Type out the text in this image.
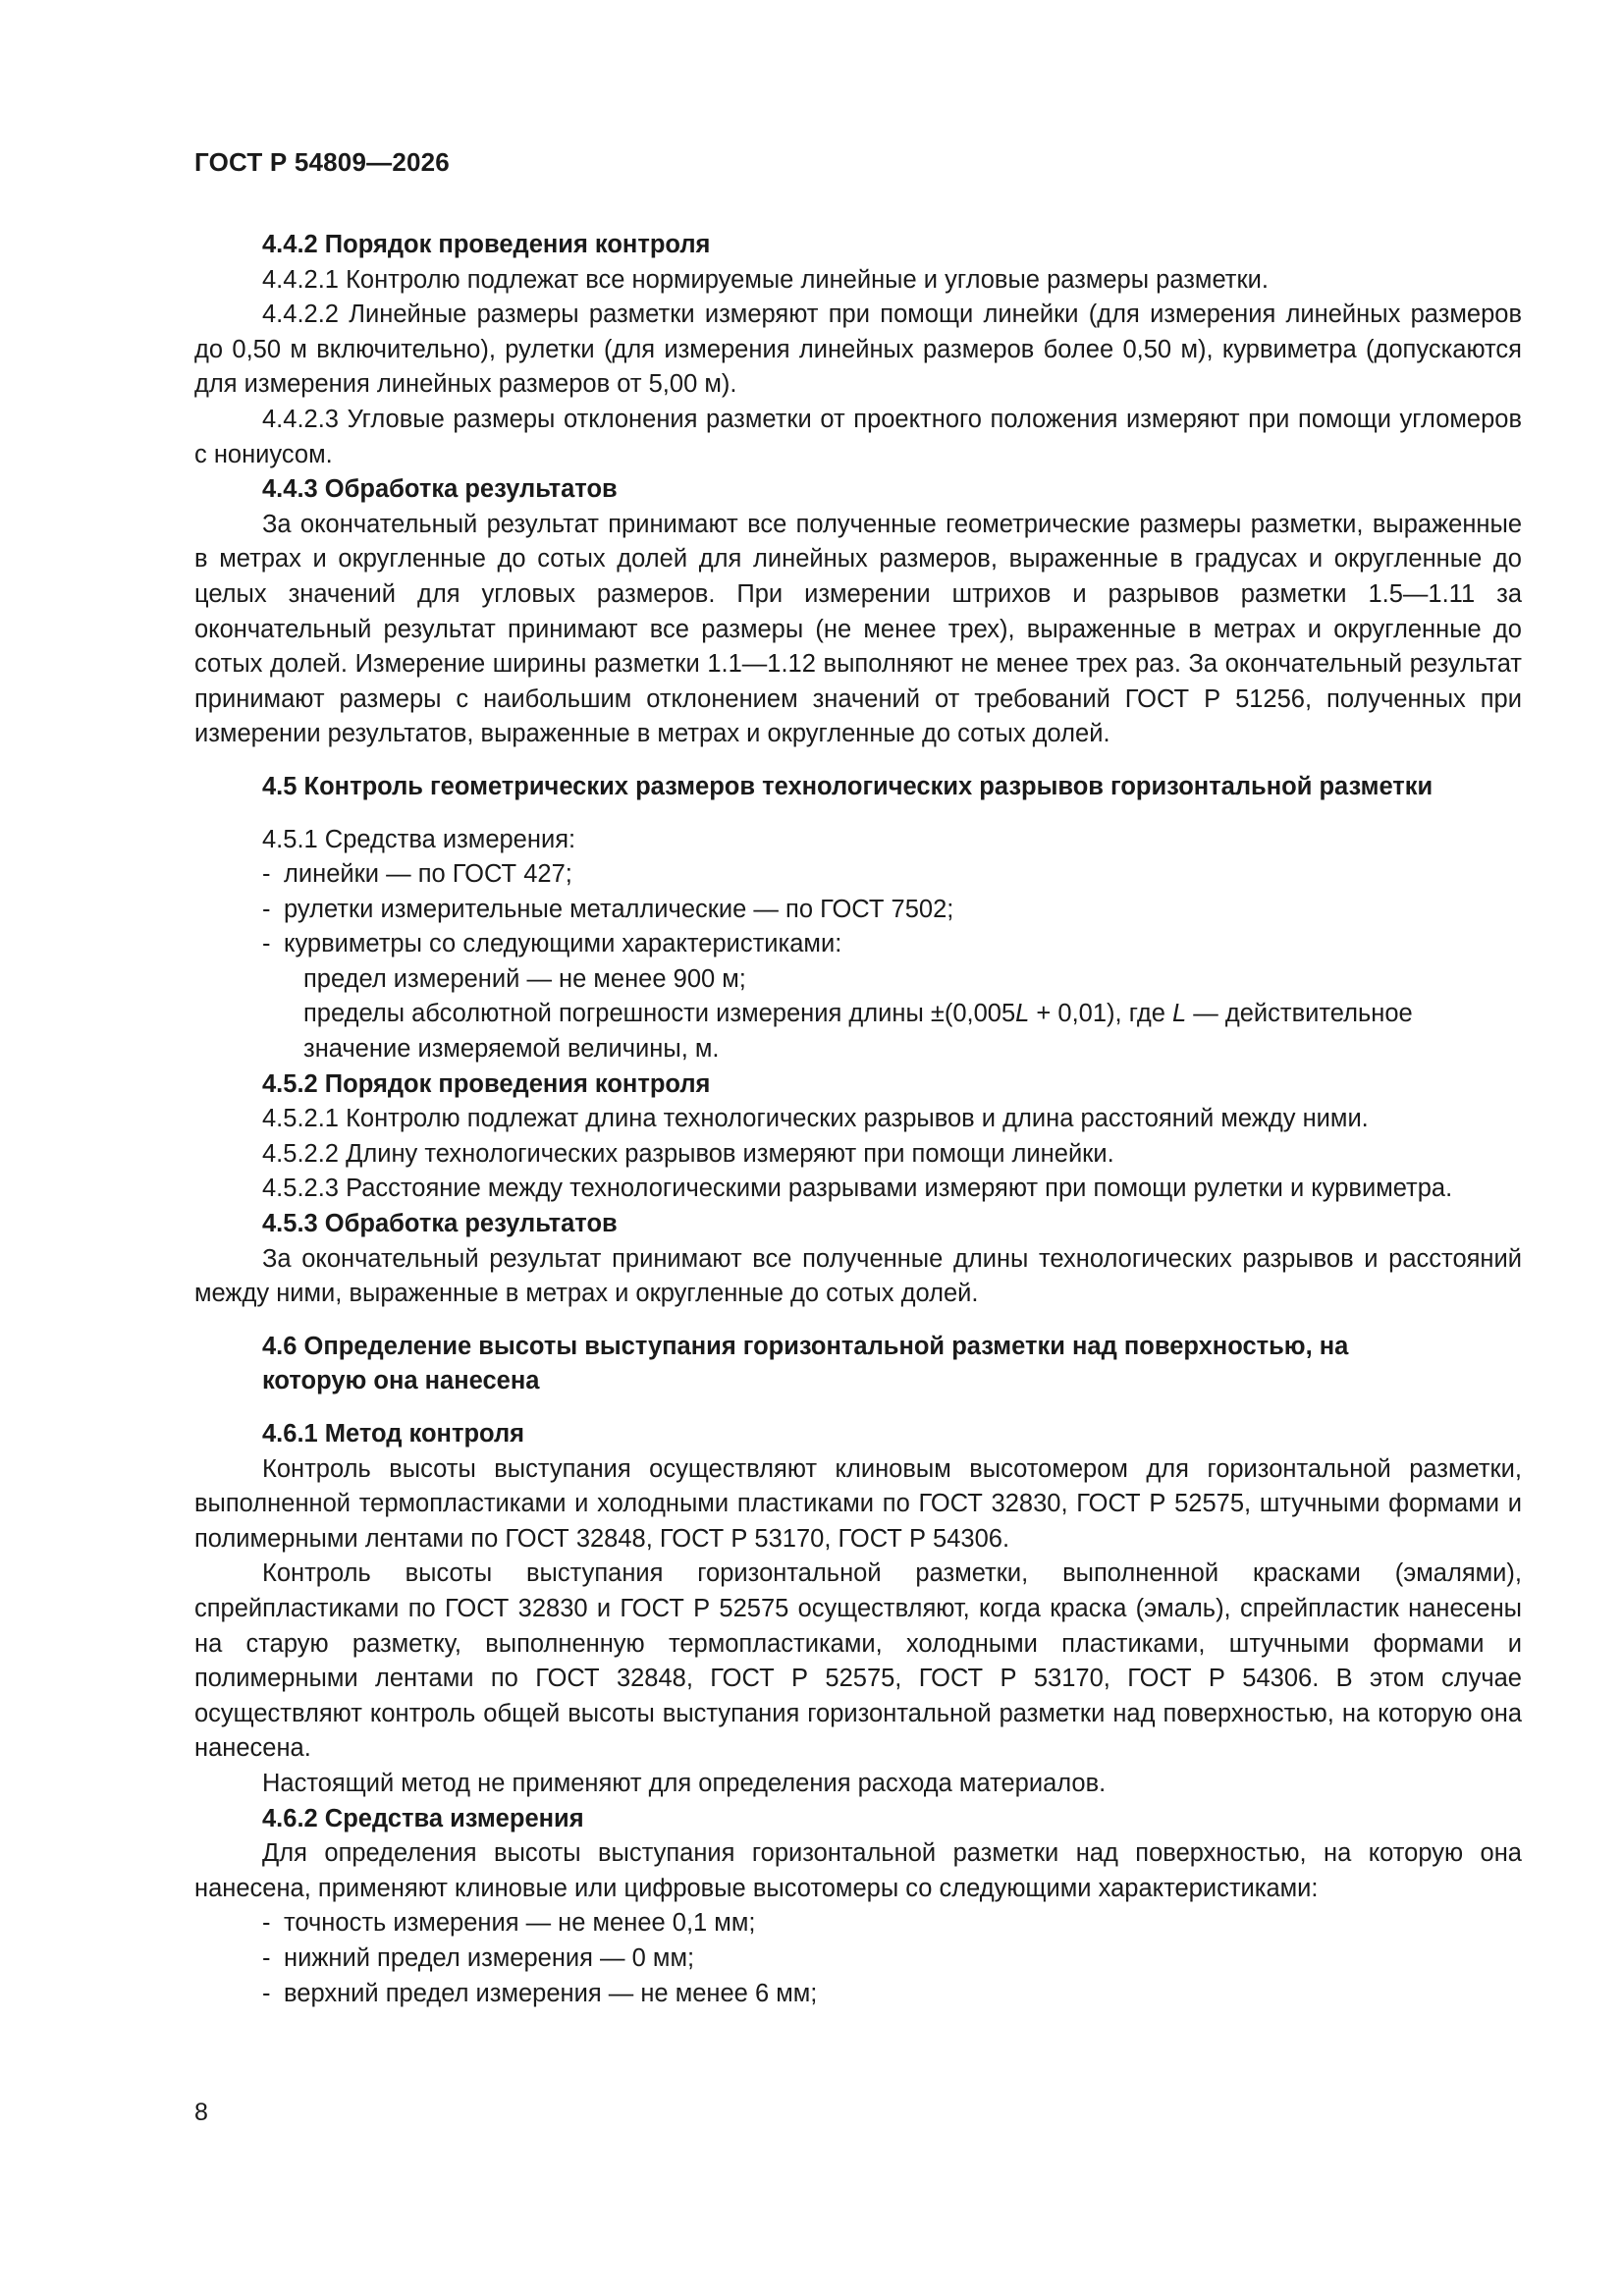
ГОСТ Р 54809—2026

4.4.2 Порядок проведения контроля

4.4.2.1 Контролю подлежат все нормируемые линейные и угловые размеры разметки.

4.4.2.2 Линейные размеры разметки измеряют при помощи линейки (для измерения линейных размеров до 0,50 м включительно), рулетки (для измерения линейных размеров более 0,50 м), курвиметра (допускаются для измерения линейных размеров от 5,00 м).

4.4.2.3 Угловые размеры отклонения разметки от проектного положения измеряют при помощи угломеров с нониусом.

4.4.3 Обработка результатов

За окончательный результат принимают все полученные геометрические размеры разметки, выраженные в метрах и округленные до сотых долей для линейных размеров, выраженные в градусах и округленные до целых значений для угловых размеров. При измерении штрихов и разрывов разметки 1.5—1.11 за окончательный результат принимают все размеры (не менее трех), выраженные в метрах и округленные до сотых долей. Измерение ширины разметки 1.1—1.12 выполняют не менее трех раз. За окончательный результат принимают размеры с наибольшим отклонением значений от требований ГОСТ Р 51256, полученных при измерении результатов, выраженные в метрах и округленные до сотых долей.

4.5 Контроль геометрических размеров технологических разрывов горизонтальной разметки

4.5.1 Средства измерения:

- линейки — по ГОСТ 427;

- рулетки измерительные металлические — по ГОСТ 7502;

- курвиметры со следующими характеристиками:

предел измерений — не менее 900 м;

пределы абсолютной погрешности измерения длины ±(0,005L + 0,01), где L — действительное

значение измеряемой величины, м.

4.5.2 Порядок проведения контроля

4.5.2.1 Контролю подлежат длина технологических разрывов и длина расстояний между ними.

4.5.2.2 Длину технологических разрывов измеряют при помощи линейки.

4.5.2.3 Расстояние между технологическими разрывами измеряют при помощи рулетки и курвиметра.

4.5.3 Обработка результатов

За окончательный результат принимают все полученные длины технологических разрывов и расстояний между ними, выраженные в метрах и округленные до сотых долей.

4.6 Определение высоты выступания горизонтальной разметки над поверхностью, на которую она нанесена

4.6.1 Метод контроля

Контроль высоты выступания осуществляют клиновым высотомером для горизонтальной разметки, выполненной термопластиками и холодными пластиками по ГОСТ 32830, ГОСТ Р 52575, штучными формами и полимерными лентами по ГОСТ 32848, ГОСТ Р 53170, ГОСТ Р 54306.

Контроль высоты выступания горизонтальной разметки, выполненной красками (эмалями), спрейпластиками по ГОСТ 32830 и ГОСТ Р 52575 осуществляют, когда краска (эмаль), спрейпластик нанесены на старую разметку, выполненную термопластиками, холодными пластиками, штучными формами и полимерными лентами по ГОСТ 32848, ГОСТ Р 52575, ГОСТ Р 53170, ГОСТ Р 54306. В этом случае осуществляют контроль общей высоты выступания горизонтальной разметки над поверхностью, на которую она нанесена.

Настоящий метод не применяют для определения расхода материалов.

4.6.2 Средства измерения

Для определения высоты выступания горизонтальной разметки над поверхностью, на которую она нанесена, применяют клиновые или цифровые высотомеры со следующими характеристиками:

- точность измерения — не менее 0,1 мм;

- нижний предел измерения — 0 мм;

- верхний предел измерения — не менее 6 мм;

8
